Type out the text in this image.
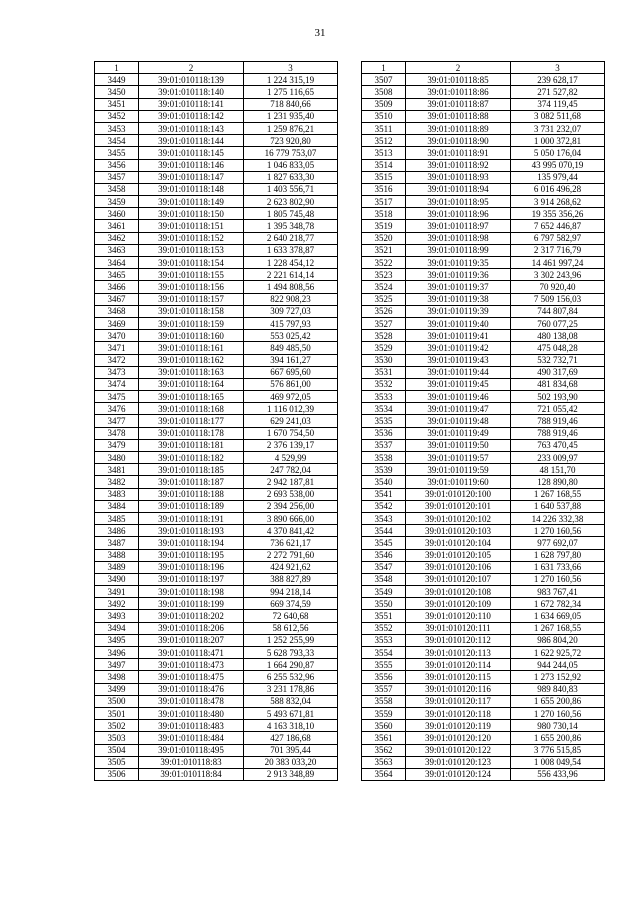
31
1	2	3
3449	39:01:010118:139	1 224 315,19
3450	39:01:010118:140	1 275 116,65
3451	39:01:010118:141	718 840,66
3452	39:01:010118:142	1 231 935,40
3453	39:01:010118:143	1 259 876,21
3454	39:01:010118:144	723 920,80
3455	39:01:010118:145	16 779 753,07
3456	39:01:010118:146	1 046 833,05
3457	39:01:010118:147	1 827 633,30
3458	39:01:010118:148	1 403 556,71
3459	39:01:010118:149	2 623 802,90
3460	39:01:010118:150	1 805 745,48
3461	39:01:010118:151	1 395 348,78
3462	39:01:010118:152	2 640 218,77
3463	39:01:010118:153	1 633 378,87
3464	39:01:010118:154	1 228 454,12
3465	39:01:010118:155	2 221 614,14
3466	39:01:010118:156	1 494 808,56
3467	39:01:010118:157	822 908,23
3468	39:01:010118:158	309 727,03
3469	39:01:010118:159	415 797,93
3470	39:01:010118:160	553 025,42
3471	39:01:010118:161	849 485,50
3472	39:01:010118:162	394 161,27
3473	39:01:010118:163	667 695,60
3474	39:01:010118:164	576 861,00
3475	39:01:010118:165	469 972,05
3476	39:01:010118:168	1 116 012,39
3477	39:01:010118:177	629 241,03
3478	39:01:010118:178	1 670 754,50
3479	39:01:010118:181	2 376 139,17
3480	39:01:010118:182	4 529,99
3481	39:01:010118:185	247 782,04
3482	39:01:010118:187	2 942 187,81
3483	39:01:010118:188	2 693 538,00
3484	39:01:010118:189	2 394 256,00
3485	39:01:010118:191	3 890 666,00
3486	39:01:010118:193	4 370 841,42
3487	39:01:010118:194	736 621,17
3488	39:01:010118:195	2 272 791,60
3489	39:01:010118:196	424 921,62
3490	39:01:010118:197	388 827,89
3491	39:01:010118:198	994 218,14
3492	39:01:010118:199	669 374,59
3493	39:01:010118:202	72 640,68
3494	39:01:010118:206	58 612,56
3495	39:01:010118:207	1 252 255,99
3496	39:01:010118:471	5 628 793,33
3497	39:01:010118:473	1 664 290,87
3498	39:01:010118:475	6 255 532,96
3499	39:01:010118:476	3 231 178,86
3500	39:01:010118:478	588 832,04
3501	39:01:010118:480	5 493 671,81
3502	39:01:010118:483	4 163 318,10
3503	39:01:010118:484	427 186,68
3504	39:01:010118:495	701 395,44
3505	39:01:010118:83	20 383 033,20
3506	39:01:010118:84	2 913 348,89
1	2	3
3507	39:01:010118:85	239 628,17
3508	39:01:010118:86	271 527,82
3509	39:01:010118:87	374 119,45
3510	39:01:010118:88	3 082 511,68
3511	39:01:010118:89	3 731 232,07
3512	39:01:010118:90	1 000 372,81
3513	39:01:010118:91	5 050 176,04
3514	39:01:010118:92	43 995 070,19
3515	39:01:010118:93	135 979,44
3516	39:01:010118:94	6 016 496,28
3517	39:01:010118:95	3 914 268,62
3518	39:01:010118:96	19 355 356,26
3519	39:01:010118:97	7 652 446,87
3520	39:01:010118:98	6 797 582,97
3521	39:01:010118:99	2 317 716,79
3522	39:01:010119:35	14 461 997,24
3523	39:01:010119:36	3 302 243,96
3524	39:01:010119:37	70 920,40
3525	39:01:010119:38	7 509 156,03
3526	39:01:010119:39	744 807,84
3527	39:01:010119:40	760 077,25
3528	39:01:010119:41	480 138,08
3529	39:01:010119:42	475 048,28
3530	39:01:010119:43	532 732,71
3531	39:01:010119:44	490 317,69
3532	39:01:010119:45	481 834,68
3533	39:01:010119:46	502 193,90
3534	39:01:010119:47	721 055,42
3535	39:01:010119:48	788 919,46
3536	39:01:010119:49	788 919,46
3537	39:01:010119:50	763 470,45
3538	39:01:010119:57	233 009,97
3539	39:01:010119:59	48 151,70
3540	39:01:010119:60	128 890,80
3541	39:01:010120:100	1 267 168,55
3542	39:01:010120:101	1 640 537,88
3543	39:01:010120:102	14 226 332,38
3544	39:01:010120:103	1 270 160,56
3545	39:01:010120:104	977 692,07
3546	39:01:010120:105	1 628 797,80
3547	39:01:010120:106	1 631 733,66
3548	39:01:010120:107	1 270 160,56
3549	39:01:010120:108	983 767,41
3550	39:01:010120:109	1 672 782,34
3551	39:01:010120:110	1 634 669,05
3552	39:01:010120:111	1 267 168,55
3553	39:01:010120:112	986 804,20
3554	39:01:010120:113	1 622 925,72
3555	39:01:010120:114	944 244,05
3556	39:01:010120:115	1 273 152,92
3557	39:01:010120:116	989 840,83
3558	39:01:010120:117	1 655 200,86
3559	39:01:010120:118	1 270 160,56
3560	39:01:010120:119	980 730,14
3561	39:01:010120:120	1 655 200,86
3562	39:01:010120:122	3 776 515,85
3563	39:01:010120:123	1 008 049,54
3564	39:01:010120:124	556 433,96
